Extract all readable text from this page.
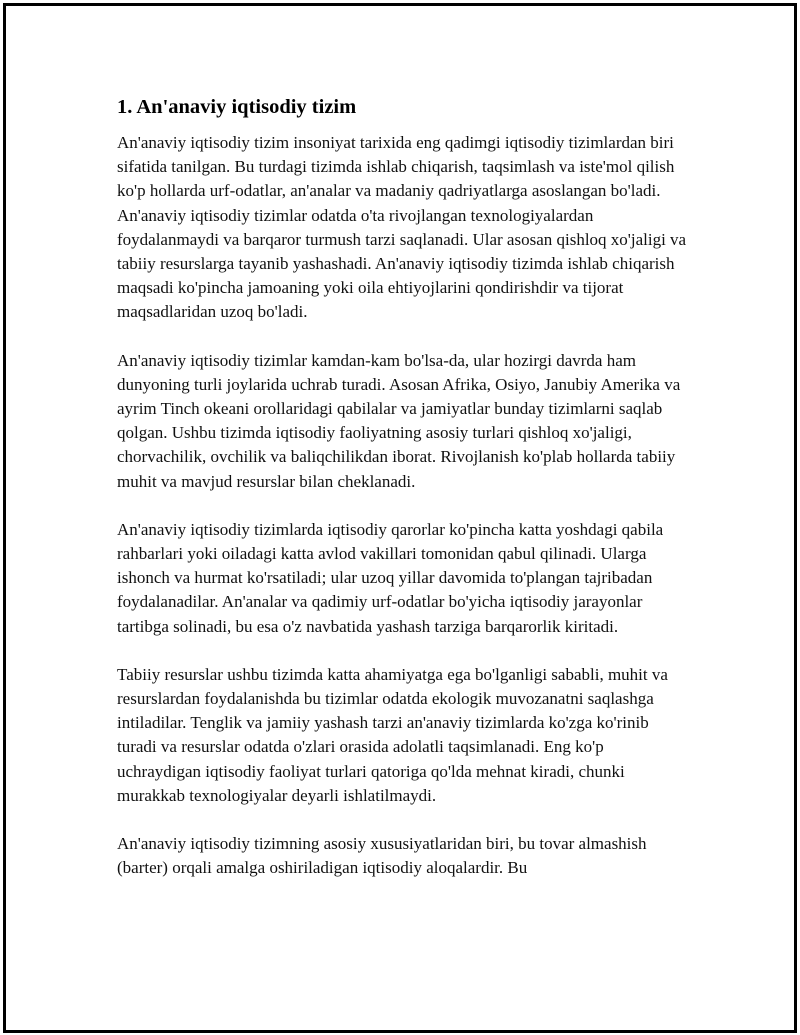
1. An'anaviy iqtisodiy tizim

An'anaviy iqtisodiy tizim insoniyat tarixida eng qadimgi iqtisodiy tizimlardan biri sifatida tanilgan. Bu turdagi tizimda ishlab chiqarish, taqsimlash va iste'mol qilish ko'p hollarda urf-odatlar, an'analar va madaniy qadriyatlarga asoslangan bo'ladi. An'anaviy iqtisodiy tizimlar odatda o'ta rivojlangan texnologiyalardan foydalanmaydi va barqaror turmush tarzi saqlanadi. Ular asosan qishloq xo'jaligi va tabiiy resurslarga tayanib yashashadi. An'anaviy iqtisodiy tizimda ishlab chiqarish maqsadi ko'pincha jamoaning yoki oila ehtiyojlarini qondirishdir va tijorat maqsadlaridan uzoq bo'ladi.

An'anaviy iqtisodiy tizimlar kamdan-kam bo'lsa-da, ular hozirgi davrda ham dunyoning turli joylarida uchrab turadi. Asosan Afrika, Osiyo, Janubiy Amerika va ayrim Tinch okeani orollaridagi qabilalar va jamiyatlar bunday tizimlarni saqlab qolgan. Ushbu tizimda iqtisodiy faoliyatning asosiy turlari qishloq xo'jaligi, chorvachilik, ovchilik va baliqchilikdan iborat. Rivojlanish ko'plab hollarda tabiiy muhit va mavjud resurslar bilan cheklanadi.

An'anaviy iqtisodiy tizimlarda iqtisodiy qarorlar ko'pincha katta yoshdagi qabila rahbarlari yoki oiladagi katta avlod vakillari tomonidan qabul qilinadi. Ularga ishonch va hurmat ko'rsatiladi; ular uzoq yillar davomida to'plangan tajribadan foydalanadilar. An'analar va qadimiy urf-odatlar bo'yicha iqtisodiy jarayonlar tartibga solinadi, bu esa o'z navbatida yashash tarziga barqarorlik kiritadi.

Tabiiy resurslar ushbu tizimda katta ahamiyatga ega bo'lganligi sababli, muhit va resurslardan foydalanishda bu tizimlar odatda ekologik muvozanatni saqlashga intiladilar. Tenglik va jamiiy yashash tarzi an'anaviy tizimlarda ko'zga ko'rinib turadi va resurslar odatda o'zlari orasida adolatli taqsimlanadi. Eng ko'p uchraydigan iqtisodiy faoliyat turlari qatoriga qo'lda mehnat kiradi, chunki murakkab texnologiyalar deyarli ishlatilmaydi.

An'anaviy iqtisodiy tizimning asosiy xususiyatlaridan biri, bu tovar almashish (barter) orqali amalga oshiriladigan iqtisodiy aloqalardir. Bu
